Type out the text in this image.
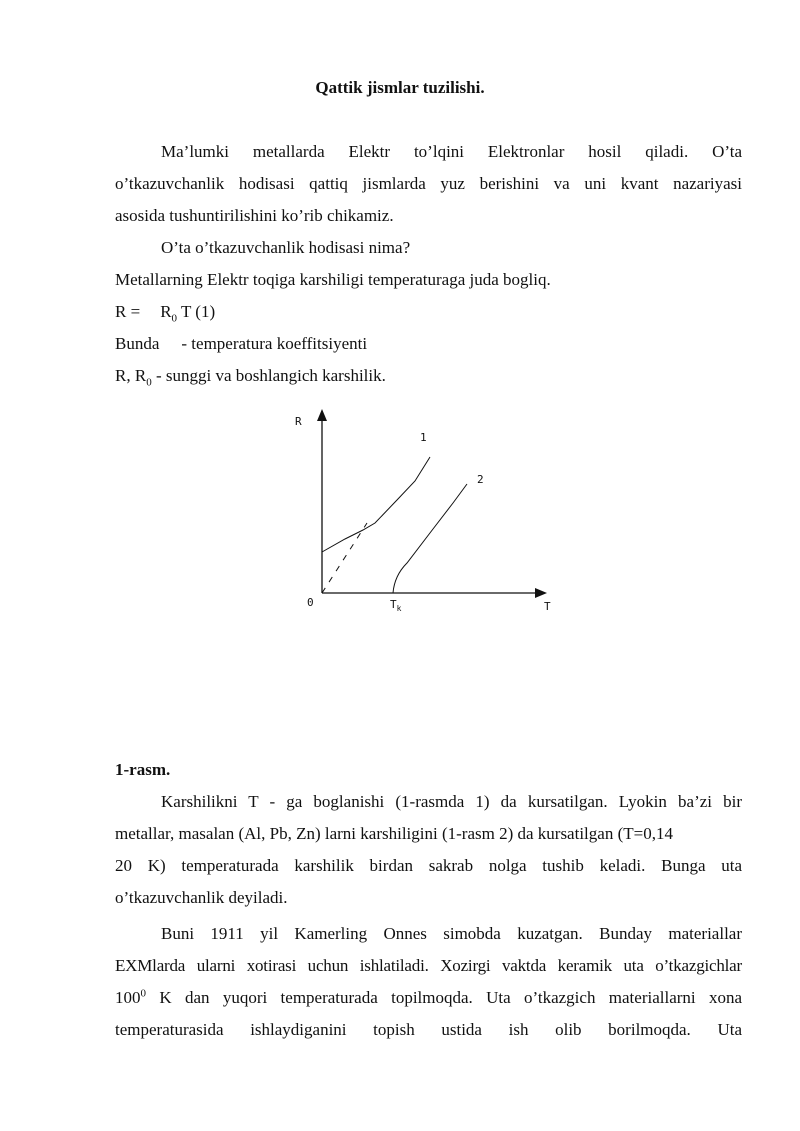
Qattik jismlar tuzilishi.
Ma’lumki metallarda Elektr to’lqini Elektronlar hosil qiladi. O’ta
o’tkazuvchanlik hodisasi qattiq jismlarda yuz berishini va uni kvant nazariyasi
asosida tushuntirilishini ko’rib chikamiz.
O’ta o’tkazuvchanlik hodisasi nima?
Metallarning Elektr toqiga karshiligi temperaturaga juda bogliq.
$R = R_0$ T (1)
Bunda - temperatura koeffitsiyenti
R, $R_0$ - sunggi va boshlangich karshilik.
R
T
0
1
2
$T_k$
1-rasm.
Karshilikni T - ga boglanishi (1-rasmda 1) da kursatilgan. Lyokin ba’zi bir
metallar, masalan (Al, Pb, Zn) larni karshiligini (1-rasm 2) da kursatilgan (T=0,14
20 K) temperaturada karshilik birdan sakrab nolga tushib keladi. Bunga uta
o’tkazuvchanlik deyiladi.
Buni 1911 yil Kamerling Onnes simobda kuzatgan. Bunday materiallar
EXMlarda ularni xotirasi uchun ishlatiladi. Xozirgi vaktda keramik uta o’tkazgichlar
$100^0$ K dan yuqori temperaturada topilmoqda. Uta o’tkazgich materiallarni xona
temperaturasida ishlaydiganini topish ustida ish olib borilmoqda. Uta
